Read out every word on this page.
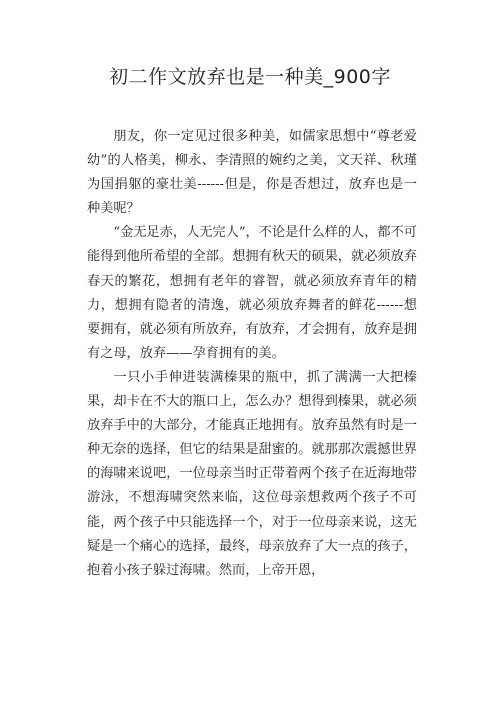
初二作文放弃也是一种美_900字

朋友，你一定见过很多种美，如儒家思想中“尊老爱幼”的人格美，柳永、李清照的婉约之美，文天祥、秋瑾为国捐躯的豪壮美------但是，你是否想过，放弃也是一种美呢？

“金无足赤，人无完人”，不论是什么样的人，都不可能得到他所希望的全部。想拥有秋天的硕果，就必须放弃春天的繁花，想拥有老年的睿智，就必须放弃青年的精力，想拥有隐者的清逸，就必须放弃舞者的鲜花------想要拥有，就必须有所放弃，有放弃，才会拥有，放弃是拥有之母，放弃——孕育拥有的美。

一只小手伸进装满榛果的瓶中，抓了满满一大把榛果，却卡在不大的瓶口上，怎么办？想得到榛果，就必须放弃手中的大部分，才能真正地拥有。放弃虽然有时是一种无奈的选择，但它的结果是甜蜜的。就那那次震撼世界的海啸来说吧，一位母亲当时正带着两个孩子在近海地带游泳，不想海啸突然来临，这位母亲想救两个孩子不可能，两个孩子中只能选择一个，对于一位母亲来说，这无疑是一个痛心的选择，最终，母亲放弃了大一点的孩子，抱着小孩子躲过海啸。然而，上帝开恩，
